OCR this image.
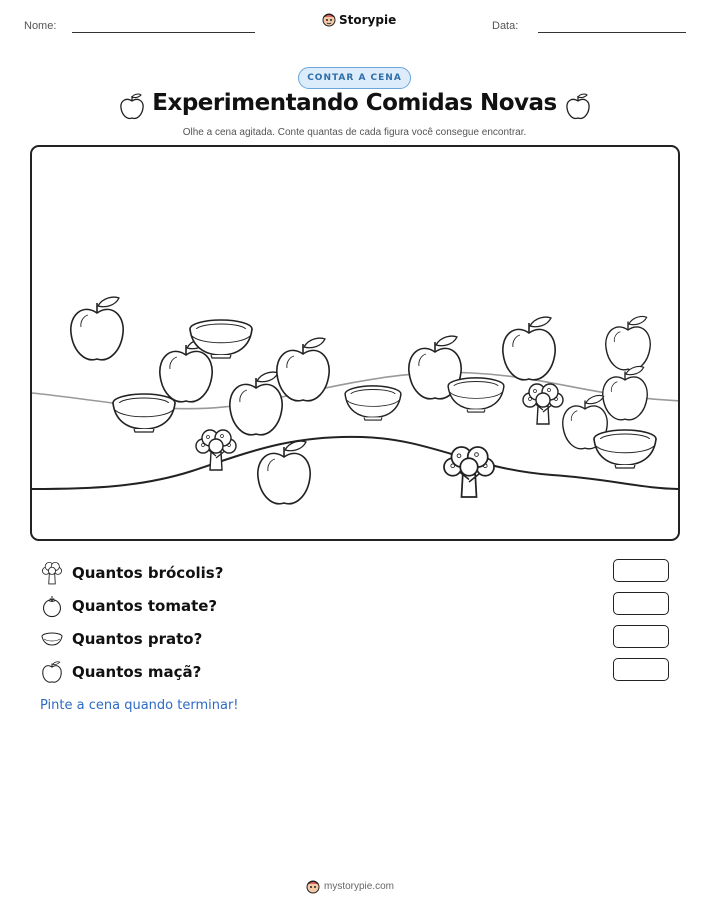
Nome:	Storypie	Data:
CONTAR A CENA
Experimentando Comidas Novas
Olhe a cena agitada. Conte quantas de cada figura você consegue encontrar.
Quantos brócolis?
Quantos tomate?
Quantos prato?
Quantos maçã?
Pinte a cena quando terminar!
mystorypie.com
